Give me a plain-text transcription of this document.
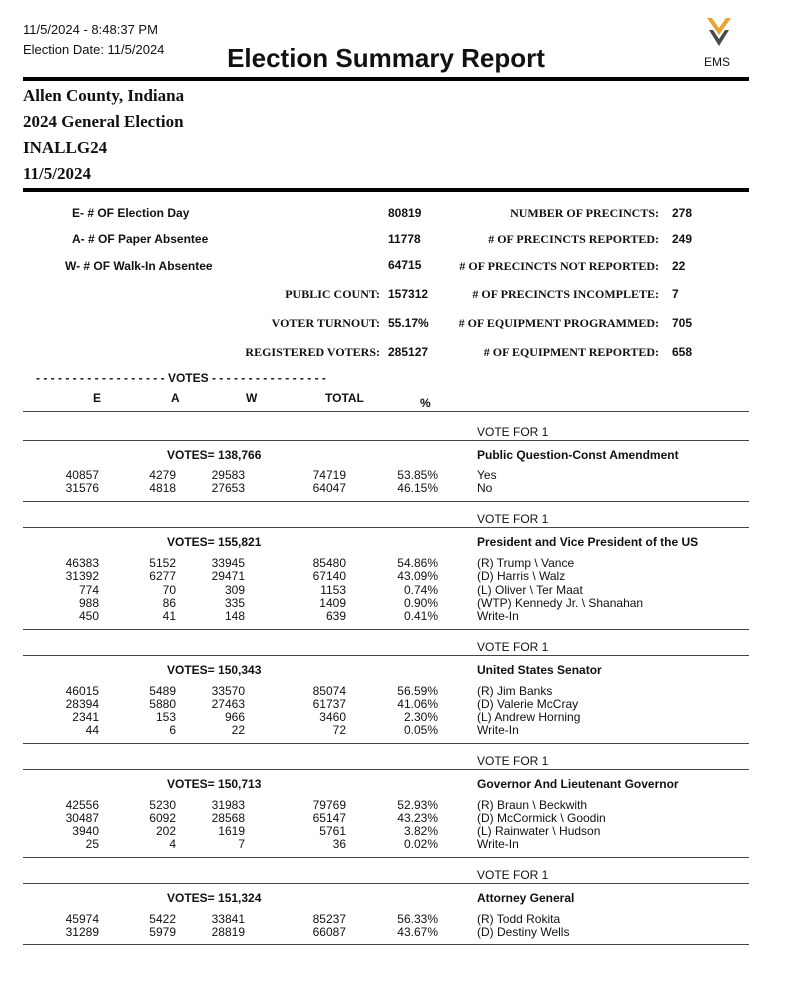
11/5/2024 - 8:48:37 PM
Election Date: 11/5/2024	Election Summary Report	EMS
Allen County, Indiana
2024 General Election
INALLG24
11/5/2024
E- # OF Election Day	80819
A- # OF Paper Absentee	11778
W- # OF Walk-In Absentee	64715
PUBLIC COUNT: 157312
VOTER TURNOUT: 55.17%
REGISTERED VOTERS: 285127
NUMBER OF PRECINCTS: 278
# OF PRECINCTS REPORTED: 249
# OF PRECINCTS NOT REPORTED: 22
# OF PRECINCTS INCOMPLETE: 7
# OF EQUIPMENT PROGRAMMED: 705
# OF EQUIPMENT REPORTED: 658
- - - - - - - - - - - - - - - - - - VOTES - - - - - - - - - - - - - - - -
E	A	W	TOTAL	%
VOTE FOR 1
VOTES= 138,766	Public Question-Const Amendment
40857	4279	29583	74719	53.85%	Yes
31576	4818	27653	64047	46.15%	No
VOTE FOR 1
VOTES= 155,821	President and Vice President of the US
46383	5152	33945	85480	54.86%	(R) Trump \ Vance
31392	6277	29471	67140	43.09%	(D) Harris \ Walz
774	70	309	1153	0.74%	(L) Oliver \ Ter Maat
988	86	335	1409	0.90%	(WTP) Kennedy Jr. \ Shanahan
450	41	148	639	0.41%	Write-In
VOTE FOR 1
VOTES= 150,343	United States Senator
46015	5489	33570	85074	56.59%	(R) Jim Banks
28394	5880	27463	61737	41.06%	(D) Valerie McCray
2341	153	966	3460	2.30%	(L) Andrew Horning
44	6	22	72	0.05%	Write-In
VOTE FOR 1
VOTES= 150,713	Governor And Lieutenant Governor
42556	5230	31983	79769	52.93%	(R) Braun \ Beckwith
30487	6092	28568	65147	43.23%	(D) McCormick \ Goodin
3940	202	1619	5761	3.82%	(L) Rainwater \ Hudson
25	4	7	36	0.02%	Write-In
VOTE FOR 1
VOTES= 151,324	Attorney General
45974	5422	33841	85237	56.33%	(R) Todd Rokita
31289	5979	28819	66087	43.67%	(D) Destiny Wells
